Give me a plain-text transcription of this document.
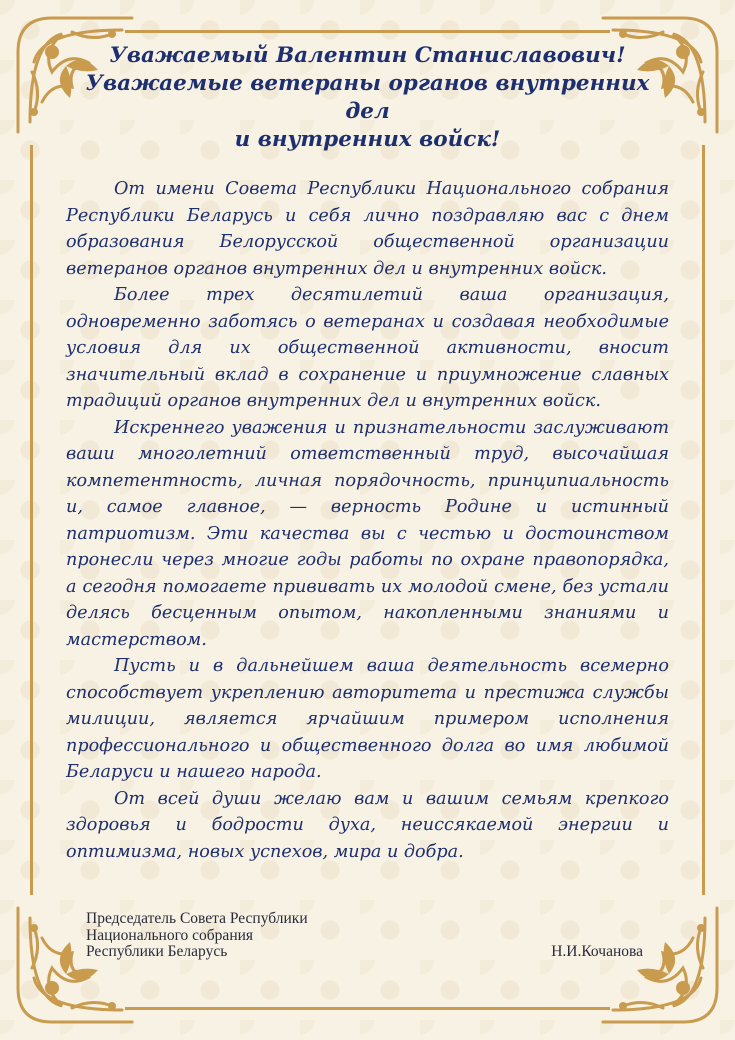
Уважаемый Валентин Станиславович!
Уважаемые ветераны органов внутренних дел
и внутренних войск!

От имени Совета Республики Национального собрания Республики Беларусь и себя лично поздравляю вас с днем образования Белорусской общественной организации ветеранов органов внутренних дел и внутренних войск.

Более трех десятилетий ваша организация, одновременно заботясь о ветеранах и создавая необходимые условия для их общественной активности, вносит значительный вклад в сохранение и приумножение славных традиций органов внутренних дел и внутренних войск.

Искреннего уважения и признательности заслуживают ваши многолетний ответственный труд, высочайшая компетентность, личная порядочность, принципиальность и, самое главное, — верность Родине и истинный патриотизм. Эти качества вы с честью и достоинством пронесли через многие годы работы по охране правопорядка, а сегодня помогаете прививать их молодой смене, без устали делясь бесценным опытом, накопленными знаниями и мастерством.

Пусть и в дальнейшем ваша деятельность всемерно способствует укреплению авторитета и престижа службы милиции, является ярчайшим примером исполнения профессионального и общественного долга во имя любимой Беларуси и нашего народа.

От всей души желаю вам и вашим семьям крепкого здоровья и бодрости духа, неиссякаемой энергии и оптимизма, новых успехов, мира и добра.

Председатель Совета Республики
Национального собрания
Республики Беларусь	Н.И.Кочанова
